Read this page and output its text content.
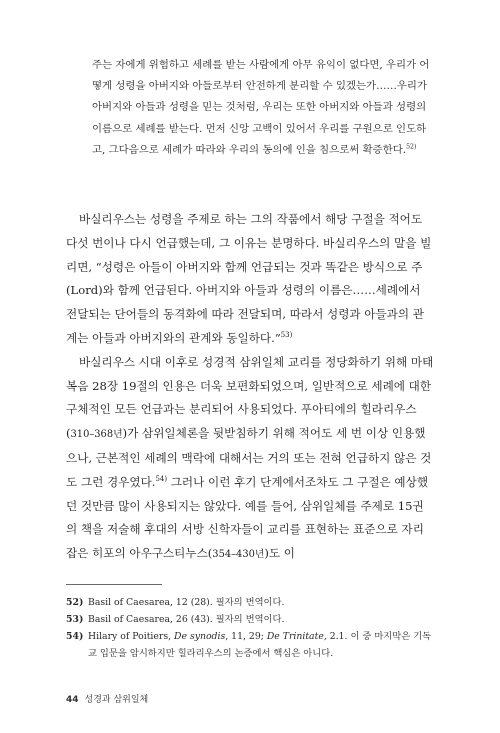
주는 자에게 위험하고 세례를 받는 사람에게 아무 유익이 없다면, 우리가 어떻게 성령을 아버지와 아들로부터 안전하게 분리할 수 있겠는가……우리가 아버지와 아들과 성령을 믿는 것처럼, 우리는 또한 아버지와 아들과 성령의 이름으로 세례를 받는다. 먼저 신앙 고백이 있어서 우리를 구원으로 인도하고, 그다음으로 세례가 따라와 우리의 동의에 인을 침으로써 확증한다.$^{52)}$

바실리우스는 성령을 주제로 하는 그의 작품에서 해당 구절을 적어도 다섯 번이나 다시 언급했는데, 그 이유는 분명하다. 바실리우스의 말을 빌리면, “성령은 아들이 아버지와 함께 언급되는 것과 똑같은 방식으로 주(Lord)와 함께 언급된다. 아버지와 아들과 성령의 이름은……세례에서 전달되는 단어들의 동격화에 따라 전달되며, 따라서 성령과 아들과의 관계는 아들과 아버지와의 관계와 동일하다.”$^{53)}$

바실리우스 시대 이후로 성경적 삼위일체 교리를 정당화하기 위해 마태복음 28장 19절의 인용은 더욱 보편화되었으며, 일반적으로 세례에 대한 구체적인 모든 언급과는 분리되어 사용되었다. 푸아티에의 힐라리우스(310–368년)가 삼위일체론을 뒷받침하기 위해 적어도 세 번 이상 인용했으나, 근본적인 세례의 맥락에 대해서는 거의 또는 전혀 언급하지 않은 것도 그런 경우였다.$^{54)}$ 그러나 이런 후기 단계에서조차도 그 구절은 예상했던 것만큼 많이 사용되지는 않았다. 예를 들어, 삼위일체를 주제로 15권의 책을 저술해 후대의 서방 신학자들이 교리를 표현하는 표준으로 자리 잡은 히포의 아우구스티누스(354–430년)도 이

52) Basil of Caesarea, 12 (28). 필자의 번역이다.

53) Basil of Caesarea, 26 (43). 필자의 번역이다.

54) Hilary of Poitiers, De synodis, 11, 29; De Trinitate, 2.1. 이 중 마지막은 기독교 입문을 암시하지만 힐라리우스의 논증에서 핵심은 아니다.

44 성경과 삼위일체
